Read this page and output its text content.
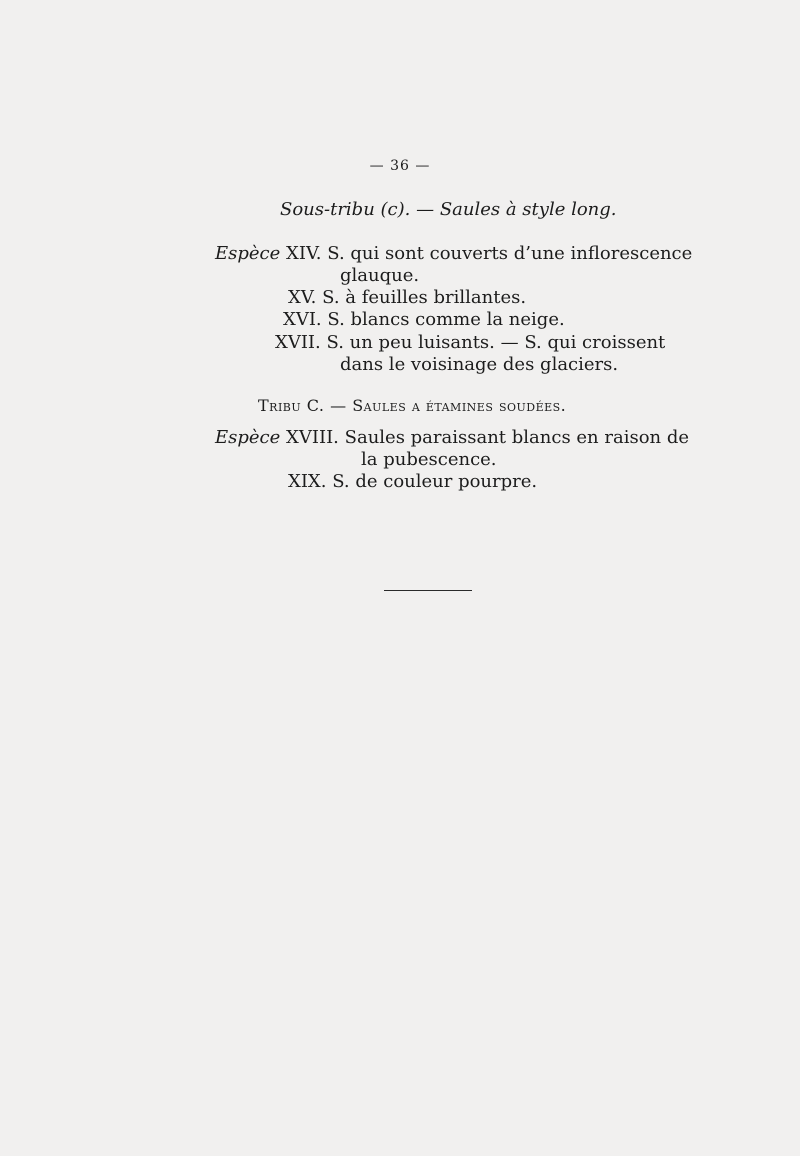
— 36 —
Sous-tribu (c). — Saules à style long.
Espèce XIV. S. qui sont couverts d’une inflorescence
glauque.
XV. S. à feuilles brillantes.
XVI. S. blancs comme la neige.
XVII. S. un peu luisants. — S. qui croissent
dans le voisinage des glaciers.
Tribu C. — Saules a étamines soudées.
Espèce XVIII. Saules paraissant blancs en raison de
la pubescence.
XIX. S. de couleur pourpre.
